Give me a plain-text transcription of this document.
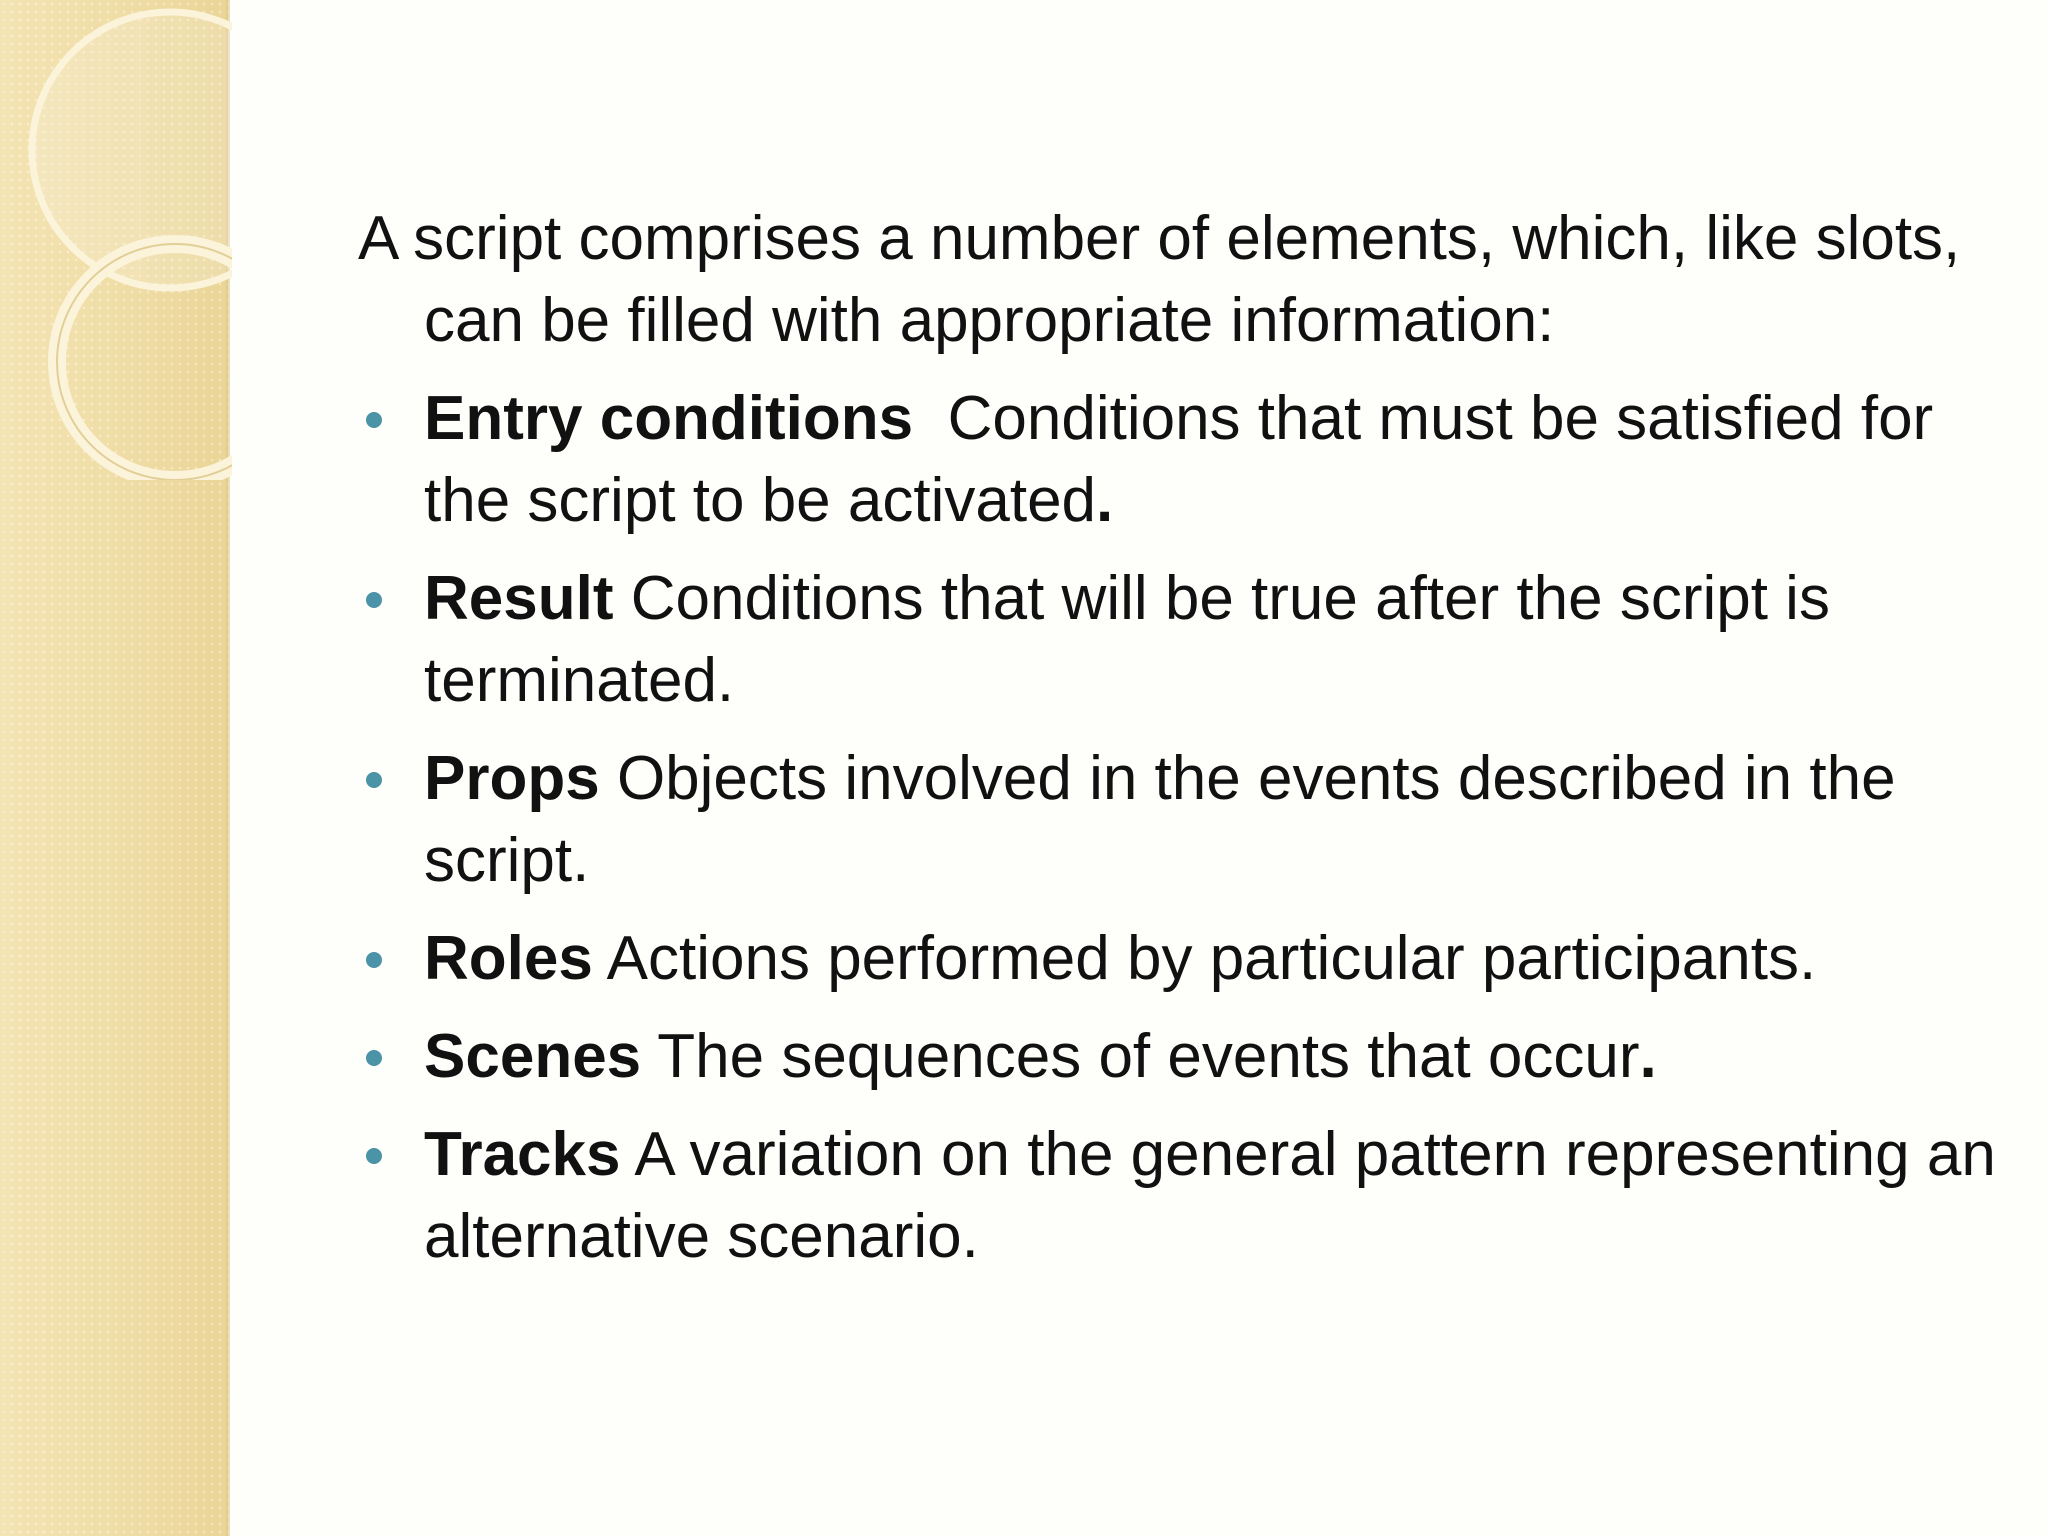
A script comprises a number of elements, which, like slots, can be filled with appropriate information:

Entry conditions Conditions that must be satisfied for the script to be activated.
Result Conditions that will be true after the script is terminated.
Props Objects involved in the events described in the script.
Roles Actions performed by particular participants.
Scenes The sequences of events that occur.
Tracks A variation on the general pattern representing an alternative scenario.
